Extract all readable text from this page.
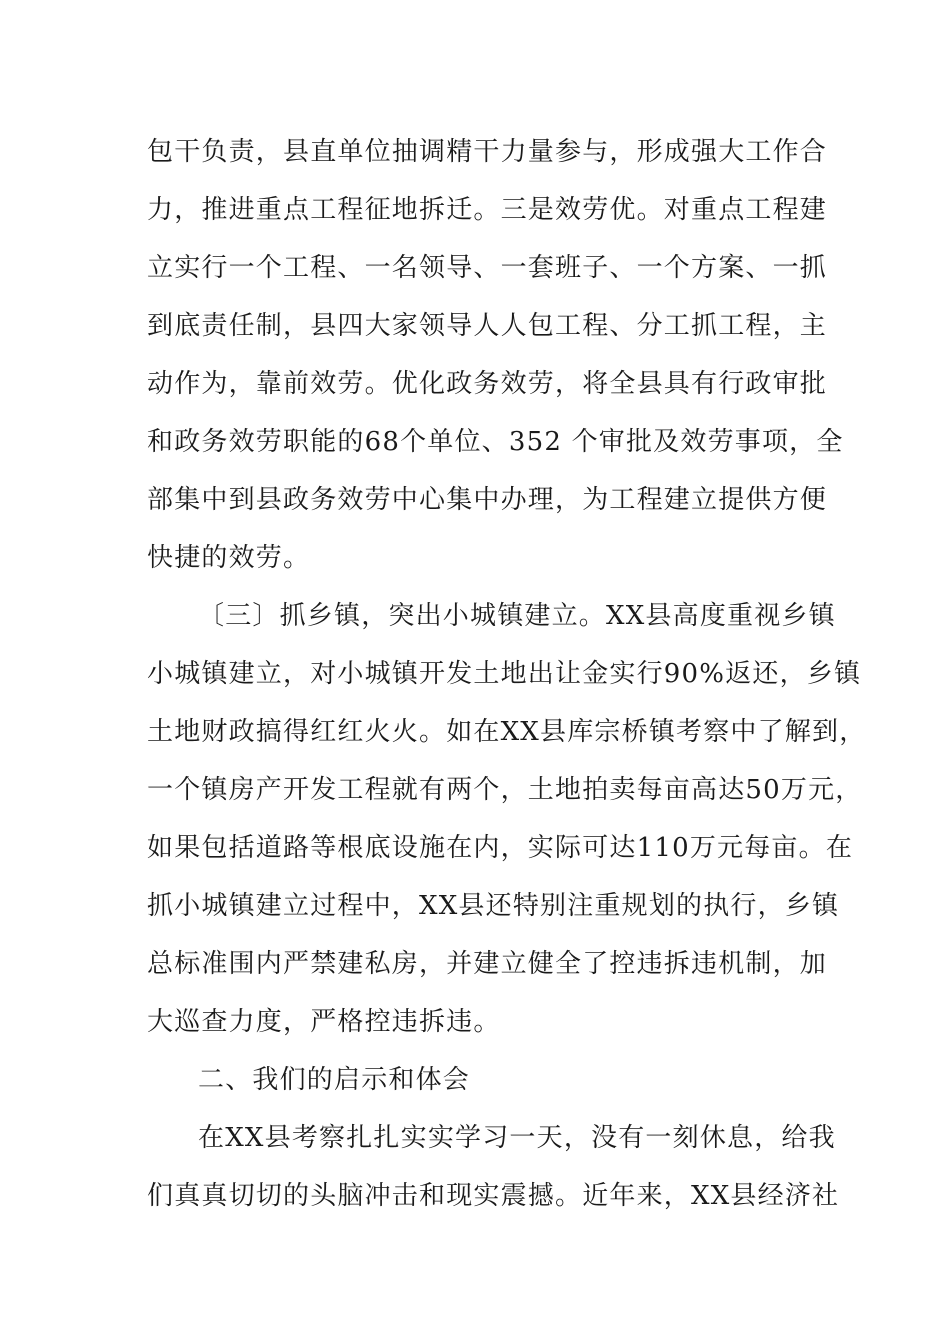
包干负责，县直单位抽调精干力量参与，形成强大工作合
力，推进重点工程征地拆迁。三是效劳优。对重点工程建
立实行一个工程、一名领导、一套班子、一个方案、一抓
到底责任制，县四大家领导人人包工程、分工抓工程，主
动作为，靠前效劳。优化政务效劳，将全县具有行政审批
和政务效劳职能的68个单位、352 个审批及效劳事项，全
部集中到县政务效劳中心集中办理，为工程建立提供方便
快捷的效劳。
〔三〕抓乡镇，突出小城镇建立。XX县高度重视乡镇
小城镇建立，对小城镇开发土地出让金实行90%返还，乡镇
土地财政搞得红红火火。如在XX县库宗桥镇考察中了解到，
一个镇房产开发工程就有两个，土地拍卖每亩高达50万元，
如果包括道路等根底设施在内，实际可达110万元每亩。在
抓小城镇建立过程中，XX县还特别注重规划的执行，乡镇
总标准围内严禁建私房，并建立健全了控违拆违机制，加
大巡查力度，严格控违拆违。
二、我们的启示和体会
在XX县考察扎扎实实学习一天，没有一刻休息，给我
们真真切切的头脑冲击和现实震撼。近年来，XX县经济社
